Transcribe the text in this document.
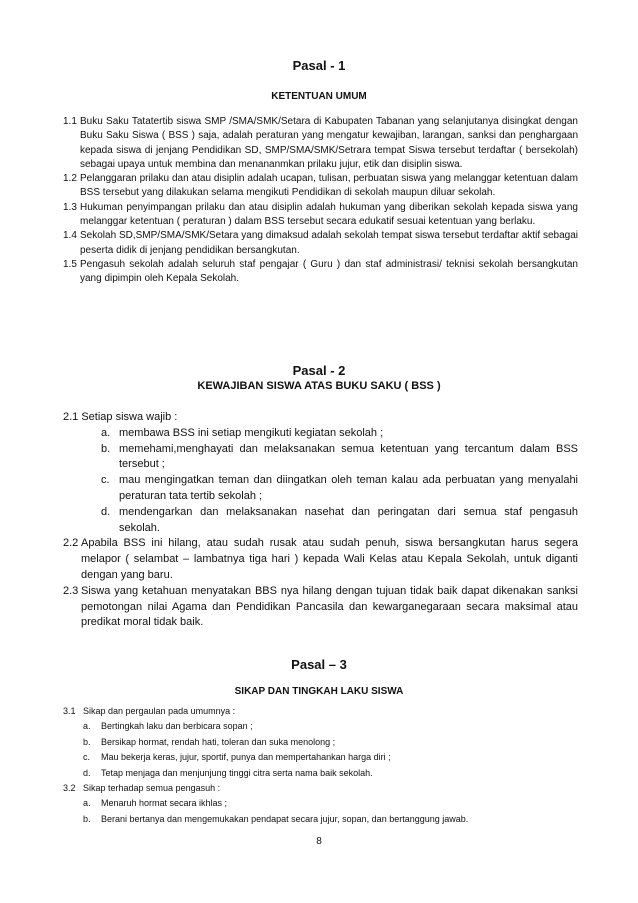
Pasal - 1
KETENTUAN UMUM
1.1 Buku Saku Tatatertib siswa SMP /SMA/SMK/Setara di Kabupaten Tabanan yang selanjutanya disingkat dengan Buku Saku Siswa ( BSS ) saja, adalah peraturan yang mengatur kewajiban, larangan, sanksi dan penghargaan kepada siswa di jenjang Pendidikan SD, SMP/SMA/SMK/Setrara tempat Siswa tersebut terdaftar ( bersekolah) sebagai upaya untuk membina dan menananmkan prilaku jujur, etik dan disiplin siswa.
1.2 Pelanggaran prilaku dan atau disiplin adalah ucapan, tulisan, perbuatan siswa yang melanggar ketentuan dalam BSS tersebut yang dilakukan selama mengikuti Pendidikan di sekolah maupun diluar sekolah.
1.3 Hukuman penyimpangan prilaku dan atau disiplin adalah hukuman yang diberikan sekolah kepada siswa yang melanggar ketentuan ( peraturan ) dalam BSS tersebut secara edukatif sesuai ketentuan yang berlaku.
1.4 Sekolah SD,SMP/SMA/SMK/Setara yang dimaksud adalah sekolah tempat siswa tersebut terdaftar aktif sebagai peserta didik di jenjang pendidikan bersangkutan.
1.5 Pengasuh sekolah adalah seluruh staf pengajar ( Guru ) dan staf administrasi/ teknisi sekolah bersangkutan yang dipimpin oleh Kepala Sekolah.
Pasal - 2
KEWAJIBAN SISWA ATAS BUKU SAKU ( BSS )
2.1 Setiap siswa wajib :
a. membawa BSS ini setiap mengikuti kegiatan sekolah ;
b. memehami,menghayati dan melaksanakan semua ketentuan yang tercantum dalam BSS tersebut ;
c. mau mengingatkan teman dan diingatkan oleh teman kalau ada perbuatan yang menyalahi peraturan tata tertib sekolah ;
d. mendengarkan dan melaksanakan nasehat dan peringatan dari semua staf pengasuh sekolah.
2.2 Apabila BSS ini hilang, atau sudah rusak atau sudah penuh, siswa bersangkutan harus segera melapor ( selambat – lambatnya tiga hari ) kepada Wali Kelas atau Kepala Sekolah, untuk diganti dengan yang baru.
2.3 Siswa yang ketahuan menyatakan BBS nya hilang dengan tujuan tidak baik dapat dikenakan sanksi pemotongan nilai Agama dan Pendidikan Pancasila dan kewarganegaraan secara maksimal atau predikat moral tidak baik.
Pasal – 3
SIKAP DAN TINGKAH LAKU SISWA
3.1 Sikap dan pergaulan pada umumnya :
a. Bertingkah laku dan berbicara sopan ;
b. Bersikap hormat, rendah hati, toleran dan suka menolong ;
c. Mau bekerja keras, jujur, sportif, punya dan mempertahankan harga diri ;
d. Tetap menjaga dan menjunjung tinggi citra serta nama baik sekolah.
3.2 Sikap terhadap semua pengasuh :
a. Menaruh hormat secara ikhlas ;
b. Berani bertanya dan mengemukakan pendapat secara jujur, sopan, dan bertanggung jawab.
8
